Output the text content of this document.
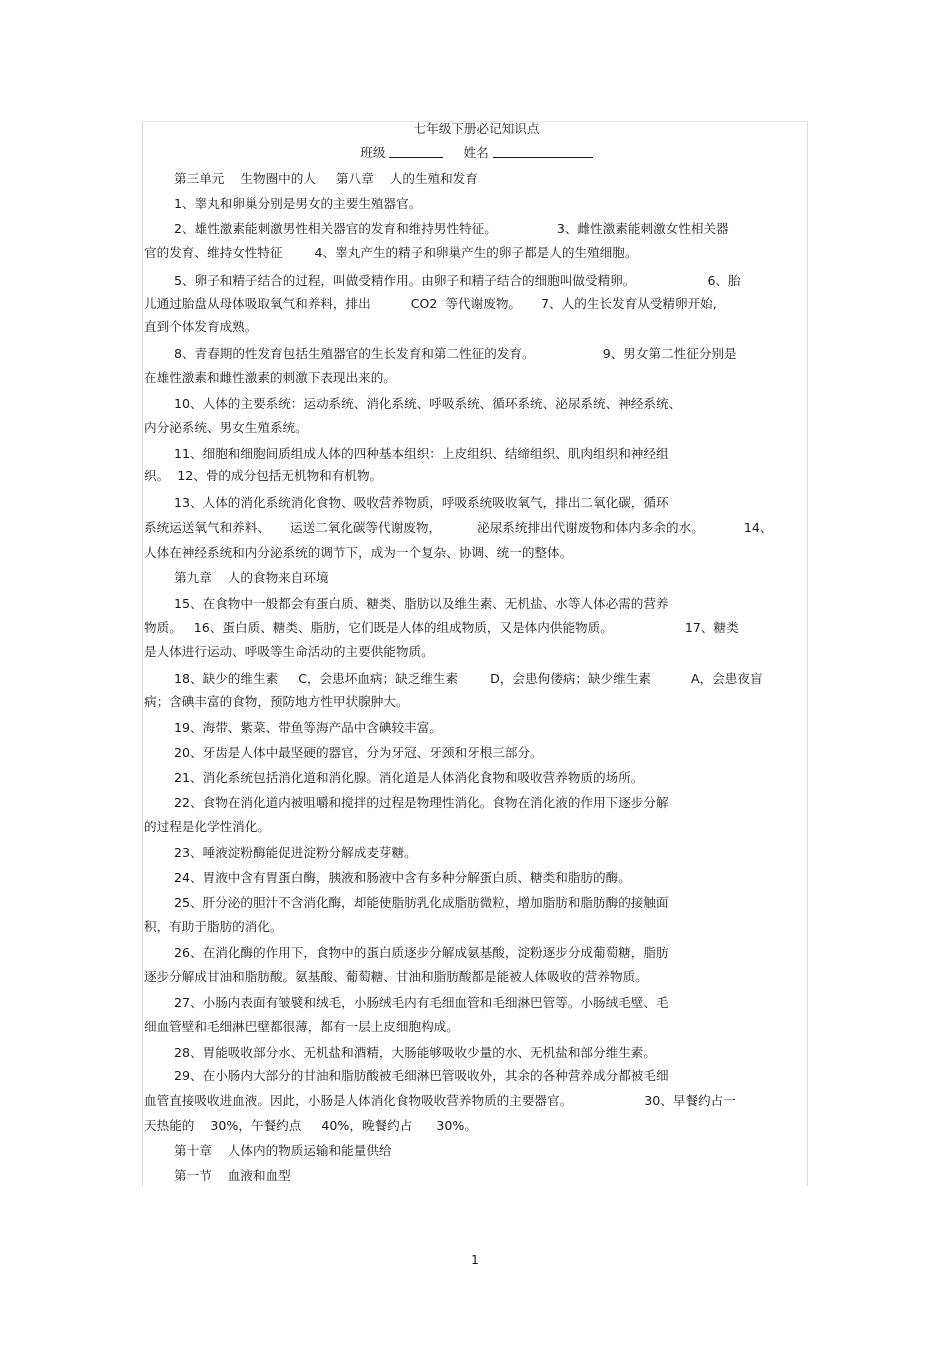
七年级下册必记知识点
班级	姓名
第三单元    生物圈中的人     第八章    人的生殖和发育
1、睾丸和卵巢分别是男女的主要生殖器官。
2、雄性激素能刺激男性相关器官的发育和维持男性特征。               3、雌性激素能刺激女性相关器
官的发育、维持女性特征        4、睾丸产生的精子和卵巢产生的卵子都是人的生殖细胞。
5、卵子和精子结合的过程，叫做受精作用。由卵子和精子结合的细胞叫做受精卵。                  6、胎
儿通过胎盘从母体吸取氧气和养料，排出          CO2  等代谢废物。     7、人的生长发育从受精卵开始,
直到个体发育成熟。
8、青春期的性发育包括生殖器官的生长发育和第二性征的发育。                 9、男女第二性征分别是
在雄性激素和雌性激素的刺激下表现出来的。
10、人体的主要系统：运动系统、消化系统、呼吸系统、循环系统、泌尿系统、神经系统、
内分泌系统、男女生殖系统。
11、细胞和细胞间质组成人体的四种基本组织：上皮组织、结缔组织、肌肉组织和神经组
织。  12、骨的成分包括无机物和有机物。
13、人体的消化系统消化食物、吸收营养物质，呼吸系统吸收氧气，排出二氧化碳，循环
系统运送氧气和养料、     运送二氧化碳等代谢废物，         泌尿系统排出代谢废物和体内多余的水。          14、
人体在神经系统和内分泌系统的调节下，成为一个复杂、协调、统一的整体。
第九章    人的食物来自环境
15、在食物中一般都会有蛋白质、糖类、脂肪以及维生素、无机盐、水等人体必需的营养
物质。   16、蛋白质、糖类、脂肪，它们既是人体的组成物质，又是体内供能物质。                  17、糖类
是人体进行运动、呼吸等生命活动的主要供能物质。
18、缺少的维生素     C，会患坏血病；缺乏维生素        D，会患佝偻病；缺少维生素          A，会患夜盲
病；含碘丰富的食物，预防地方性甲状腺肿大。
19、海带、紫菜、带鱼等海产品中含碘较丰富。
20、牙齿是人体中最坚硬的器官，分为牙冠、牙颈和牙根三部分。
21、消化系统包括消化道和消化腺。消化道是人体消化食物和吸收营养物质的场所。
22、食物在消化道内被咀嚼和搅拌的过程是物理性消化。食物在消化液的作用下逐步分解
的过程是化学性消化。
23、唾液淀粉酶能促进淀粉分解成麦芽糖。
24、胃液中含有胃蛋白酶，胰液和肠液中含有多种分解蛋白质、糖类和脂肪的酶。
25、肝分泌的胆汁不含消化酶，却能使脂肪乳化成脂肪微粒，增加脂肪和脂肪酶的接触面
积，有助于脂肪的消化。
26、在消化酶的作用下，食物中的蛋白质逐步分解成氨基酸，淀粉逐步分成葡萄糖，脂肪
逐步分解成甘油和脂肪酸。氨基酸、葡萄糖、甘油和脂肪酸都是能被人体吸收的营养物质。
27、小肠内表面有皱襞和绒毛，小肠绒毛内有毛细血管和毛细淋巴管等。小肠绒毛壁、毛
细血管壁和毛细淋巴壁都很薄，都有一层上皮细胞构成。
28、胃能吸收部分水、无机盐和酒精，大肠能够吸收少量的水、无机盐和部分维生素。
29、在小肠内大部分的甘油和脂肪酸被毛细淋巴管吸收外，其余的各种营养成分都被毛细
血管直接吸收进血液。因此，小肠是人体消化食物吸收营养物质的主要器官。                  30、早餐约占一
天热能的    30%，午餐约点     40%，晚餐约占      30%。
第十章    人体内的物质运输和能量供给
第一节    血液和血型
1
